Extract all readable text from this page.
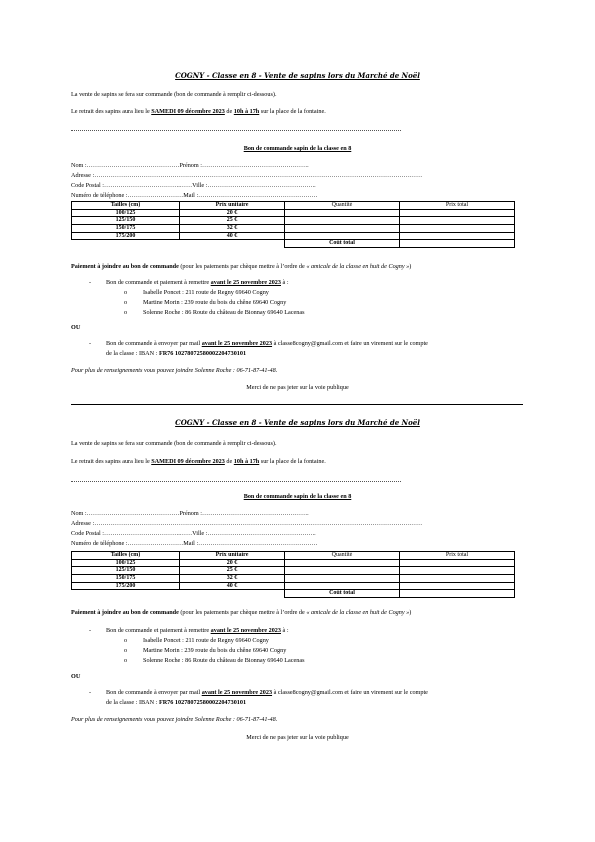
COGNY - Classe en 8 - Vente de sapins lors du Marché de Noël
La vente de sapins se fera sur commande (bon de commande à remplir ci-dessous).
Le retrait des sapins aura lieu le SAMEDI 09 décembre 2023 de 10h à 17h sur la place de la fontaine.
Bon de commande sapin de la classe en 8
Nom :………………………………………Prénom :…………………………………………….
Adresse :……………………………………………………………………………………………………………………………………………
Code Postal :……………………………….……Ville :……………………………………………..
Numéro de téléphone :………………………Mail :………………………………………………….
Tailles (cm)	Prix unitaire	Quantité	Prix total
100/125	20 €		
125/150	25 €		
150/175	32 €		
175/200	40 €		
		Coût total	
Paiement à joindre au bon de commande (pour les paiements par chèque mettre à l’ordre de « amicale de la classe en huit de Cogny »)
- Bon de commande et paiement à remettre avant le 25 novembre 2023 à :
o	Isabelle Poncet : 211 route de Regny 69640 Cogny
o	Martine Morin : 239 route du bois du chêne 69640 Cogny
o	Solenne Roche : 86 Route du château de Bionnay 69640 Lacenas
OU
- Bon de commande à envoyer par mail avant le 25 novembre 2023 à classe8cogny@gmail.com et faire un virement sur le compte
de la classe : IBAN : FR76 10278072580002204730101
Pour plus de renseignements vous pouvez joindre Solenne Roche : 06-71-87-41-48.
Merci de ne pas jeter sur la voie publique
COGNY - Classe en 8 - Vente de sapins lors du Marché de Noël
La vente de sapins se fera sur commande (bon de commande à remplir ci-dessous).
Le retrait des sapins aura lieu le SAMEDI 09 décembre 2023 de 10h à 17h sur la place de la fontaine.
Bon de commande sapin de la classe en 8
Nom :………………………………………Prénom :…………………………………………….
Adresse :……………………………………………………………………………………………………………………………………………
Code Postal :……………………………….……Ville :……………………………………………..
Numéro de téléphone :………………………Mail :………………………………………………….
Tailles (cm)	Prix unitaire	Quantité	Prix total
100/125	20 €		
125/150	25 €		
150/175	32 €		
175/200	40 €		
		Coût total	
Paiement à joindre au bon de commande (pour les paiements par chèque mettre à l’ordre de « amicale de la classe en huit de Cogny »)
- Bon de commande et paiement à remettre avant le 25 novembre 2023 à :
o	Isabelle Poncet : 211 route de Regny 69640 Cogny
o	Martine Morin : 239 route du bois du chêne 69640 Cogny
o	Solenne Roche : 86 Route du château de Bionnay 69640 Lacenas
OU
- Bon de commande à envoyer par mail avant le 25 novembre 2023 à classe8cogny@gmail.com et faire un virement sur le compte
de la classe : IBAN : FR76 10278072580002204730101
Pour plus de renseignements vous pouvez joindre Solenne Roche : 06-71-87-41-48.
Merci de ne pas jeter sur la voie publique
